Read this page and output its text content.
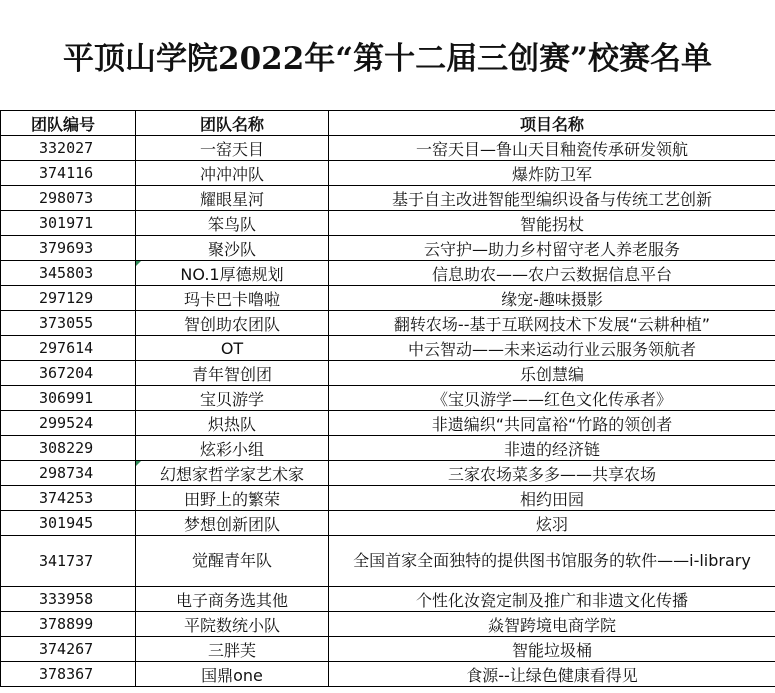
平顶山学院2022年“第十二届三创赛”校赛名单
团队编号	团队名称	项目名称
332027	一窑天目	一窑天目—鲁山天目釉瓷传承研发领航
374116	冲冲冲队	爆炸防卫军
298073	耀眼星河	基于自主改进智能型编织设备与传统工艺创新
301971	笨鸟队	智能拐杖
379693	聚沙队	云守护—助力乡村留守老人养老服务
345803	NO.1厚德规划	信息助农——农户云数据信息平台
297129	玛卡巴卡噜啦	缘宠-趣味摄影
373055	智创助农团队	翻转农场--基于互联网技术下发展“云耕种植”
297614	OT	中云智动——未来运动行业云服务领航者
367204	青年智创团	乐创慧编
306991	宝贝游学	《宝贝游学——红色文化传承者》
299524	炽热队	非遗编织“共同富裕“竹路的领创者
308229	炫彩小组	非遗的经济链
298734	幻想家哲学家艺术家	三家农场菜多多——共享农场
374253	田野上的繁荣	相约田园
301945	梦想创新团队	炫羽
341737	觉醒青年队	全国首家全面独特的提供图书馆服务的软件——i-library
333958	电子商务选其他	个性化汝瓷定制及推广和非遗文化传播
378899	平院数统小队	焱智跨境电商学院
374267	三胖芙	智能垃圾桶
378367	国鼎one	食源--让绿色健康看得见
